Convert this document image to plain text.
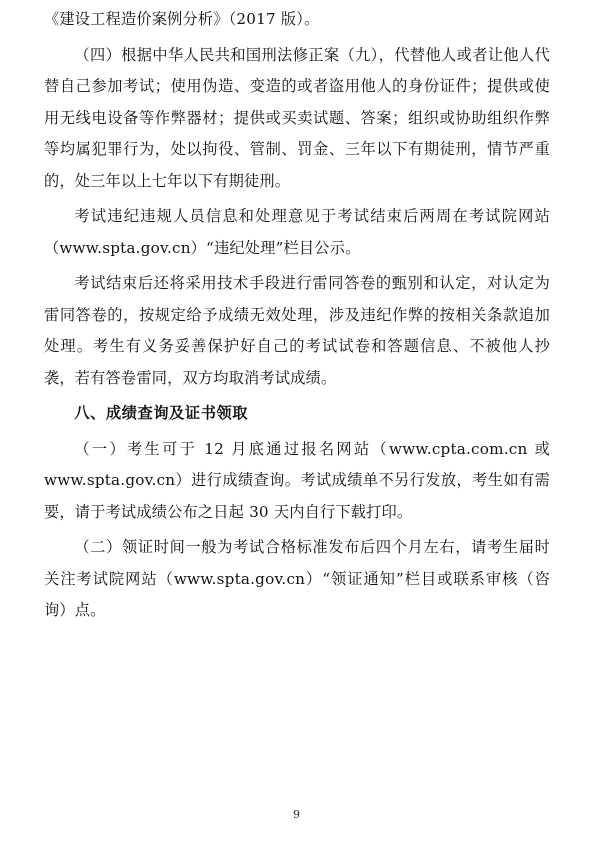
《建设工程造价案例分析》（2017 版）。

（四）根据中华人民共和国刑法修正案（九），代替他人或者让他人代替自己参加考试；使用伪造、变造的或者盗用他人的身份证件；提供或使用无线电设备等作弊器材；提供或买卖试题、答案；组织或协助组织作弊等均属犯罪行为，处以拘役、管制、罚金、三年以下有期徒刑，情节严重的，处三年以上七年以下有期徒刑。

考试违纪违规人员信息和处理意见于考试结束后两周在考试院网站（www.spta.gov.cn）“违纪处理”栏目公示。

考试结束后还将采用技术手段进行雷同答卷的甄别和认定，对认定为雷同答卷的，按规定给予成绩无效处理，涉及违纪作弊的按相关条款追加处理。考生有义务妥善保护好自己的考试试卷和答题信息、不被他人抄袭，若有答卷雷同，双方均取消考试成绩。

八、成绩查询及证书领取

（一）考生可于 12 月底通过报名网站（www.cpta.com.cn 或www.spta.gov.cn）进行成绩查询。考试成绩单不另行发放，考生如有需要，请于考试成绩公布之日起 30 天内自行下载打印。

（二）领证时间一般为考试合格标准发布后四个月左右，请考生届时关注考试院网站（www.spta.gov.cn）“领证通知”栏目或联系审核（咨询）点。

9
